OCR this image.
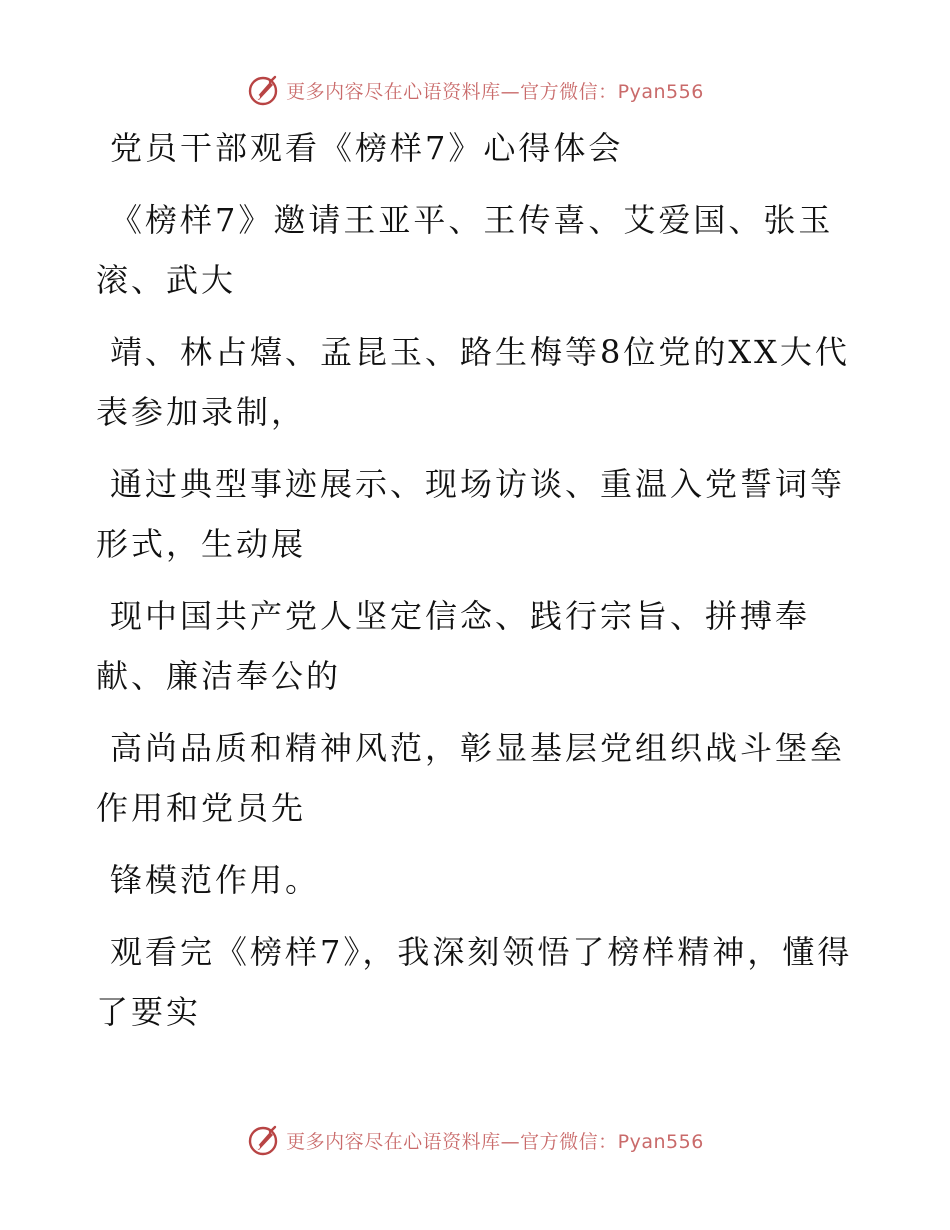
更多内容尽在心语资料库—官方微信：Pyan556
党员干部观看《榜样7》心得体会

《榜样7》邀请王亚平、王传喜、艾爱国、张玉
滚、武大

靖、林占熺、孟昆玉、路生梅等8位党的XX大代
表参加录制，

通过典型事迹展示、现场访谈、重温入党誓词等
形式，生动展

现中国共产党人坚定信念、践行宗旨、拼搏奉
献、廉洁奉公的

高尚品质和精神风范，彰显基层党组织战斗堡垒
作用和党员先

锋模范作用。

观看完《榜样7》，我深刻领悟了榜样精神，懂得
了要实

更多内容尽在心语资料库—官方微信：Pyan556
